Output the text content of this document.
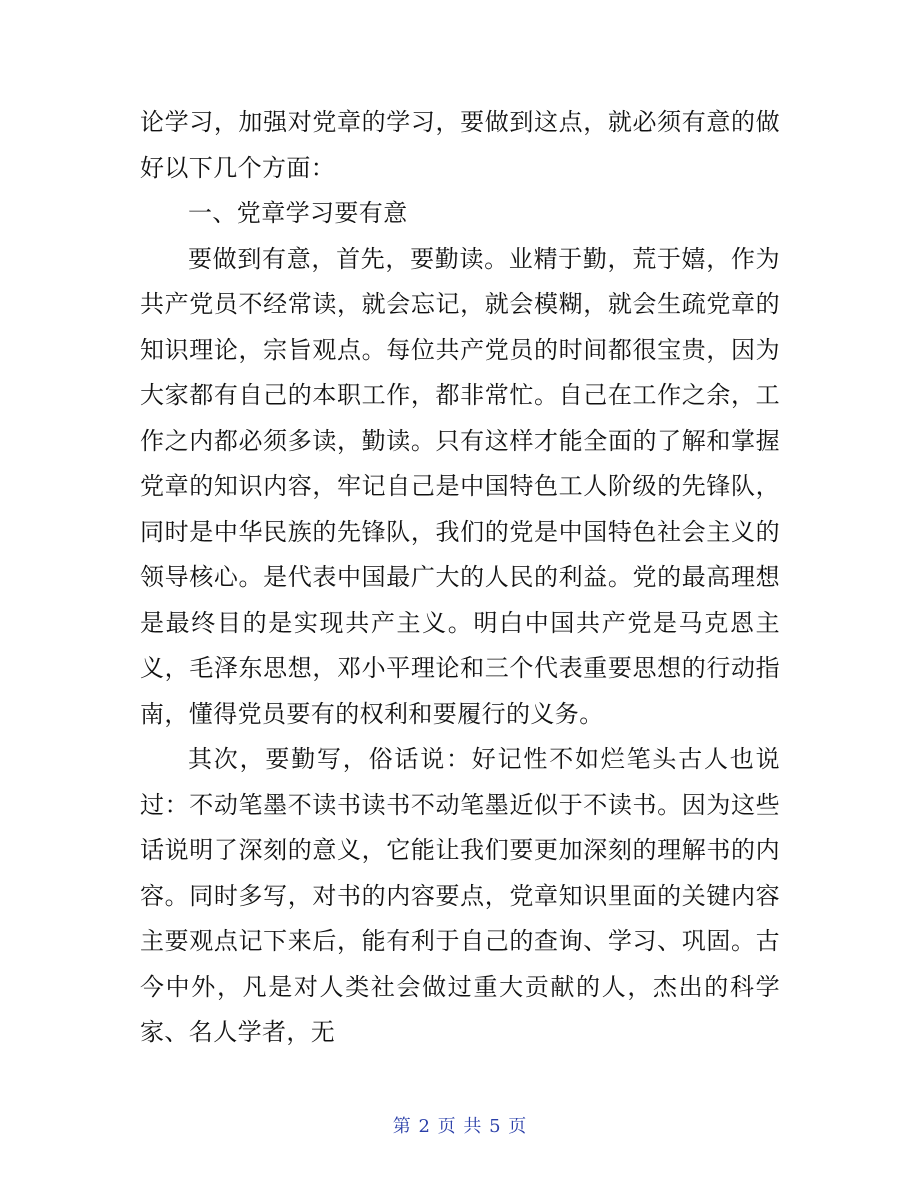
论学习，加强对党章的学习，要做到这点，就必须有意的做好以下几个方面：

一、党章学习要有意

要做到有意，首先，要勤读。业精于勤，荒于嬉，作为共产党员不经常读，就会忘记，就会模糊，就会生疏党章的知识理论，宗旨观点。每位共产党员的时间都很宝贵，因为大家都有自己的本职工作，都非常忙。自己在工作之余，工作之内都必须多读，勤读。只有这样才能全面的了解和掌握党章的知识内容，牢记自己是中国特色工人阶级的先锋队，同时是中华民族的先锋队，我们的党是中国特色社会主义的领导核心。是代表中国最广大的人民的利益。党的最高理想是最终目的是实现共产主义。明白中国共产党是马克恩主义，毛泽东思想，邓小平理论和三个代表重要思想的行动指南，懂得党员要有的权利和要履行的义务。

其次，要勤写，俗话说：好记性不如烂笔头古人也说过：不动笔墨不读书读书不动笔墨近似于不读书。因为这些话说明了深刻的意义，它能让我们要更加深刻的理解书的内容。同时多写，对书的内容要点，党章知识里面的关键内容主要观点记下来后，能有利于自己的查询、学习、巩固。古今中外，凡是对人类社会做过重大贡献的人，杰出的科学家、名人学者，无

第 2 页 共 5 页
